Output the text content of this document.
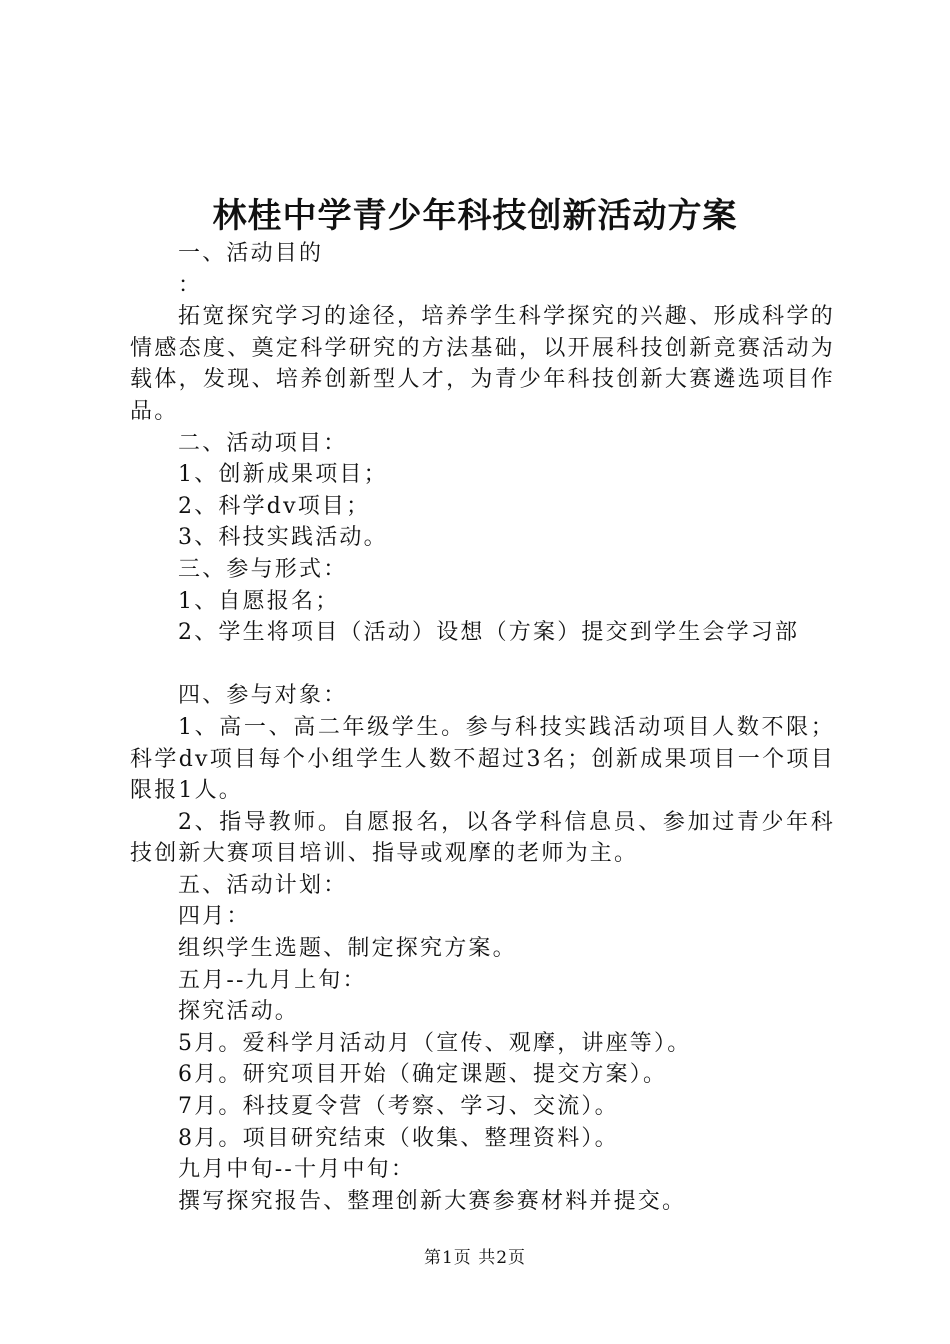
林桂中学青少年科技创新活动方案

一、活动目的

：

拓宽探究学习的途径，培养学生科学探究的兴趣、形成科学的情感态度、奠定科学研究的方法基础，以开展科技创新竞赛活动为载体，发现、培养创新型人才，为青少年科技创新大赛遴选项目作品。

二、活动项目：

1、创新成果项目；

2、科学dv项目；

3、科技实践活动。

三、参与形式：

1、自愿报名；

2、学生将项目（活动）设想（方案）提交到学生会学习部

四、参与对象：

1、高一、高二年级学生。参与科技实践活动项目人数不限；科学dv项目每个小组学生人数不超过3名；创新成果项目一个项目限报1人。

2、指导教师。自愿报名，以各学科信息员、参加过青少年科技创新大赛项目培训、指导或观摩的老师为主。

五、活动计划：

四月：

组织学生选题、制定探究方案。

五月--九月上旬：

探究活动。

5月。爱科学月活动月（宣传、观摩，讲座等）。

6月。研究项目开始（确定课题、提交方案）。

7月。科技夏令营（考察、学习、交流）。

8月。项目研究结束（收集、整理资料）。

九月中旬--十月中旬：

撰写探究报告、整理创新大赛参赛材料并提交。

第1页 共2页
